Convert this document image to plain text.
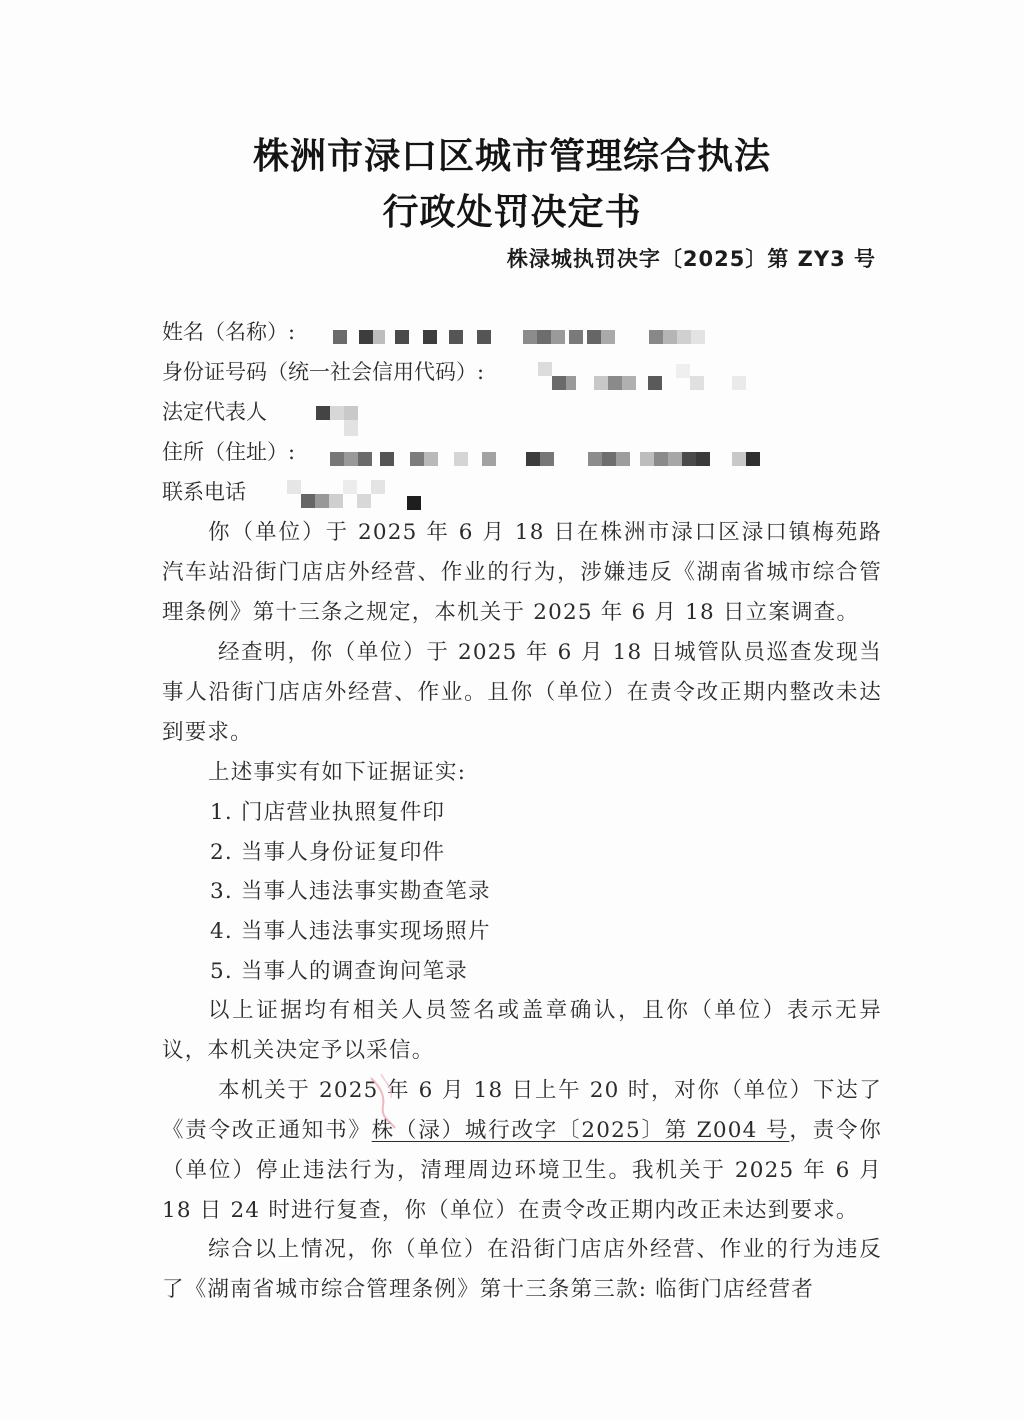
株洲市渌口区城市管理综合执法
行政处罚决定书
株渌城执罚决字〔2025〕第 ZY3 号
姓名（名称）:
身份证号码（统一社会信用代码）:
法定代表人
住所（住址）:
联系电话

你（单位）于 2025 年 6 月 18 日在株洲市渌口区渌口镇梅苑路汽车站沿街门店店外经营、作业的行为，涉嫌违反《湖南省城市综合管理条例》第十三条之规定，本机关于 2025 年 6 月 18 日立案调查。

经查明，你（单位）于 2025 年 6 月 18 日城管队员巡查发现当事人沿街门店店外经营、作业。且你（单位）在责令改正期内整改未达到要求。

上述事实有如下证据证实:

1. 门店营业执照复件印
2. 当事人身份证复印件
3. 当事人违法事实勘查笔录
4. 当事人违法事实现场照片
5. 当事人的调查询问笔录

以上证据均有相关人员签名或盖章确认，且你（单位）表示无异议，本机关决定予以采信。

本机关于 2025 年 6 月 18 日上午 20 时，对你（单位）下达了《责令改正通知书》株（渌）城行改字〔2025〕第 Z004 号，责令你（单位）停止违法行为，清理周边环境卫生。我机关于 2025 年 6 月 18 日 24 时进行复查，你（单位）在责令改正期内改正未达到要求。

综合以上情况，你（单位）在沿街门店店外经营、作业的行为违反了《湖南省城市综合管理条例》第十三条第三款: 临街门店经营者
